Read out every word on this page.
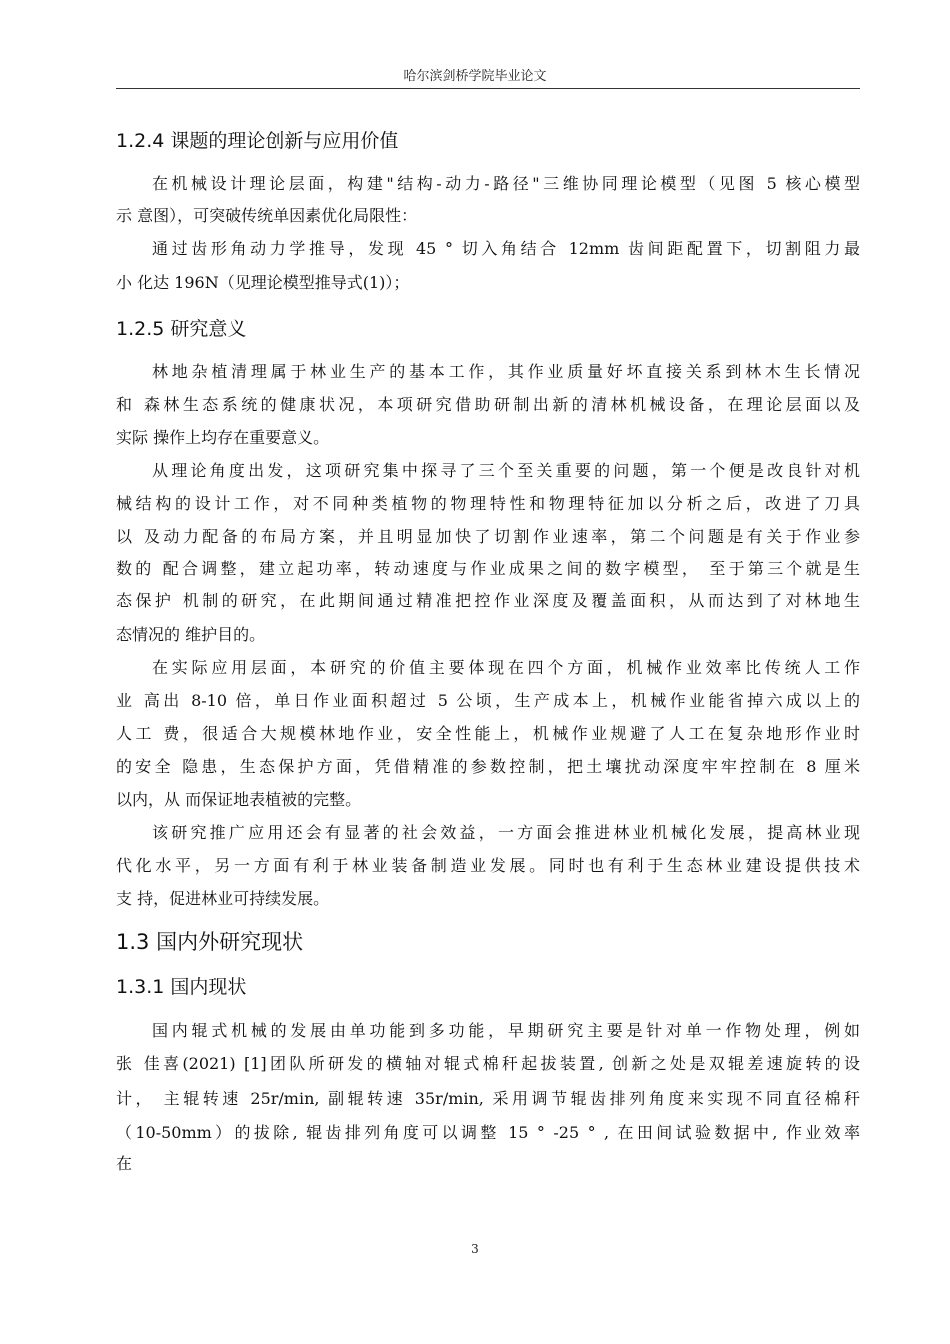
哈尔滨剑桥学院毕业论文
1.2.4 课题的理论创新与应用价值
在机械设计理论层面，构建"结构-动力-路径"三维协同理论模型（见图 5 核心模型
示 意图），可突破传统单因素优化局限性：
通过齿形角动力学推导，发现 45 ° 切入角结合 12mm 齿间距配置下，切割阻力最
小 化达 196N（见理论模型推导式(1)）；
1.2.5 研究意义
林地杂植清理属于林业生产的基本工作，其作业质量好坏直接关系到林木生长情况
和 森林生态系统的健康状况，本项研究借助研制出新的清林机械设备，在理论层面以及
实际 操作上均存在重要意义。
从理论角度出发，这项研究集中探寻了三个至关重要的问题，第一个便是改良针对机
械结构的设计工作，对不同种类植物的物理特性和物理特征加以分析之后，改进了刀具
以 及动力配备的布局方案，并且明显加快了切割作业速率，第二个问题是有关于作业参
数的 配合调整，建立起功率，转动速度与作业成果之间的数字模型， 至于第三个就是生
态保护 机制的研究，在此期间通过精准把控作业深度及覆盖面积，从而达到了对林地生
态情况的 维护目的。
在实际应用层面，本研究的价值主要体现在四个方面，机械作业效率比传统人工作
业 高出 8-10 倍，单日作业面积超过 5 公顷，生产成本上，机械作业能省掉六成以上的
人工 费，很适合大规模林地作业，安全性能上，机械作业规避了人工在复杂地形作业时
的安全 隐患，生态保护方面，凭借精准的参数控制，把土壤扰动深度牢牢控制在 8 厘米
以内，从 而保证地表植被的完整。
该研究推广应用还会有显著的社会效益，一方面会推进林业机械化发展，提高林业现
代化水平，另一方面有利于林业装备制造业发展。同时也有利于生态林业建设提供技术
支 持，促进林业可持续发展。
1.3 国内外研究现状
1.3.1 国内现状
国内辊式机械的发展由单功能到多功能，早期研究主要是针对单一作物处理，例如
张 佳喜(2021) [1]团队所研发的横轴对辊式棉秆起拔装置, 创新之处是双辊差速旋转的设
计， 主辊转速 25r/min, 副辊转速 35r/min, 采用调节辊齿排列角度来实现不同直径棉秆
（10-50mm）的拔除, 辊齿排列角度可以调整 15 ° -25 ° , 在田间试验数据中, 作业效率
在
3
